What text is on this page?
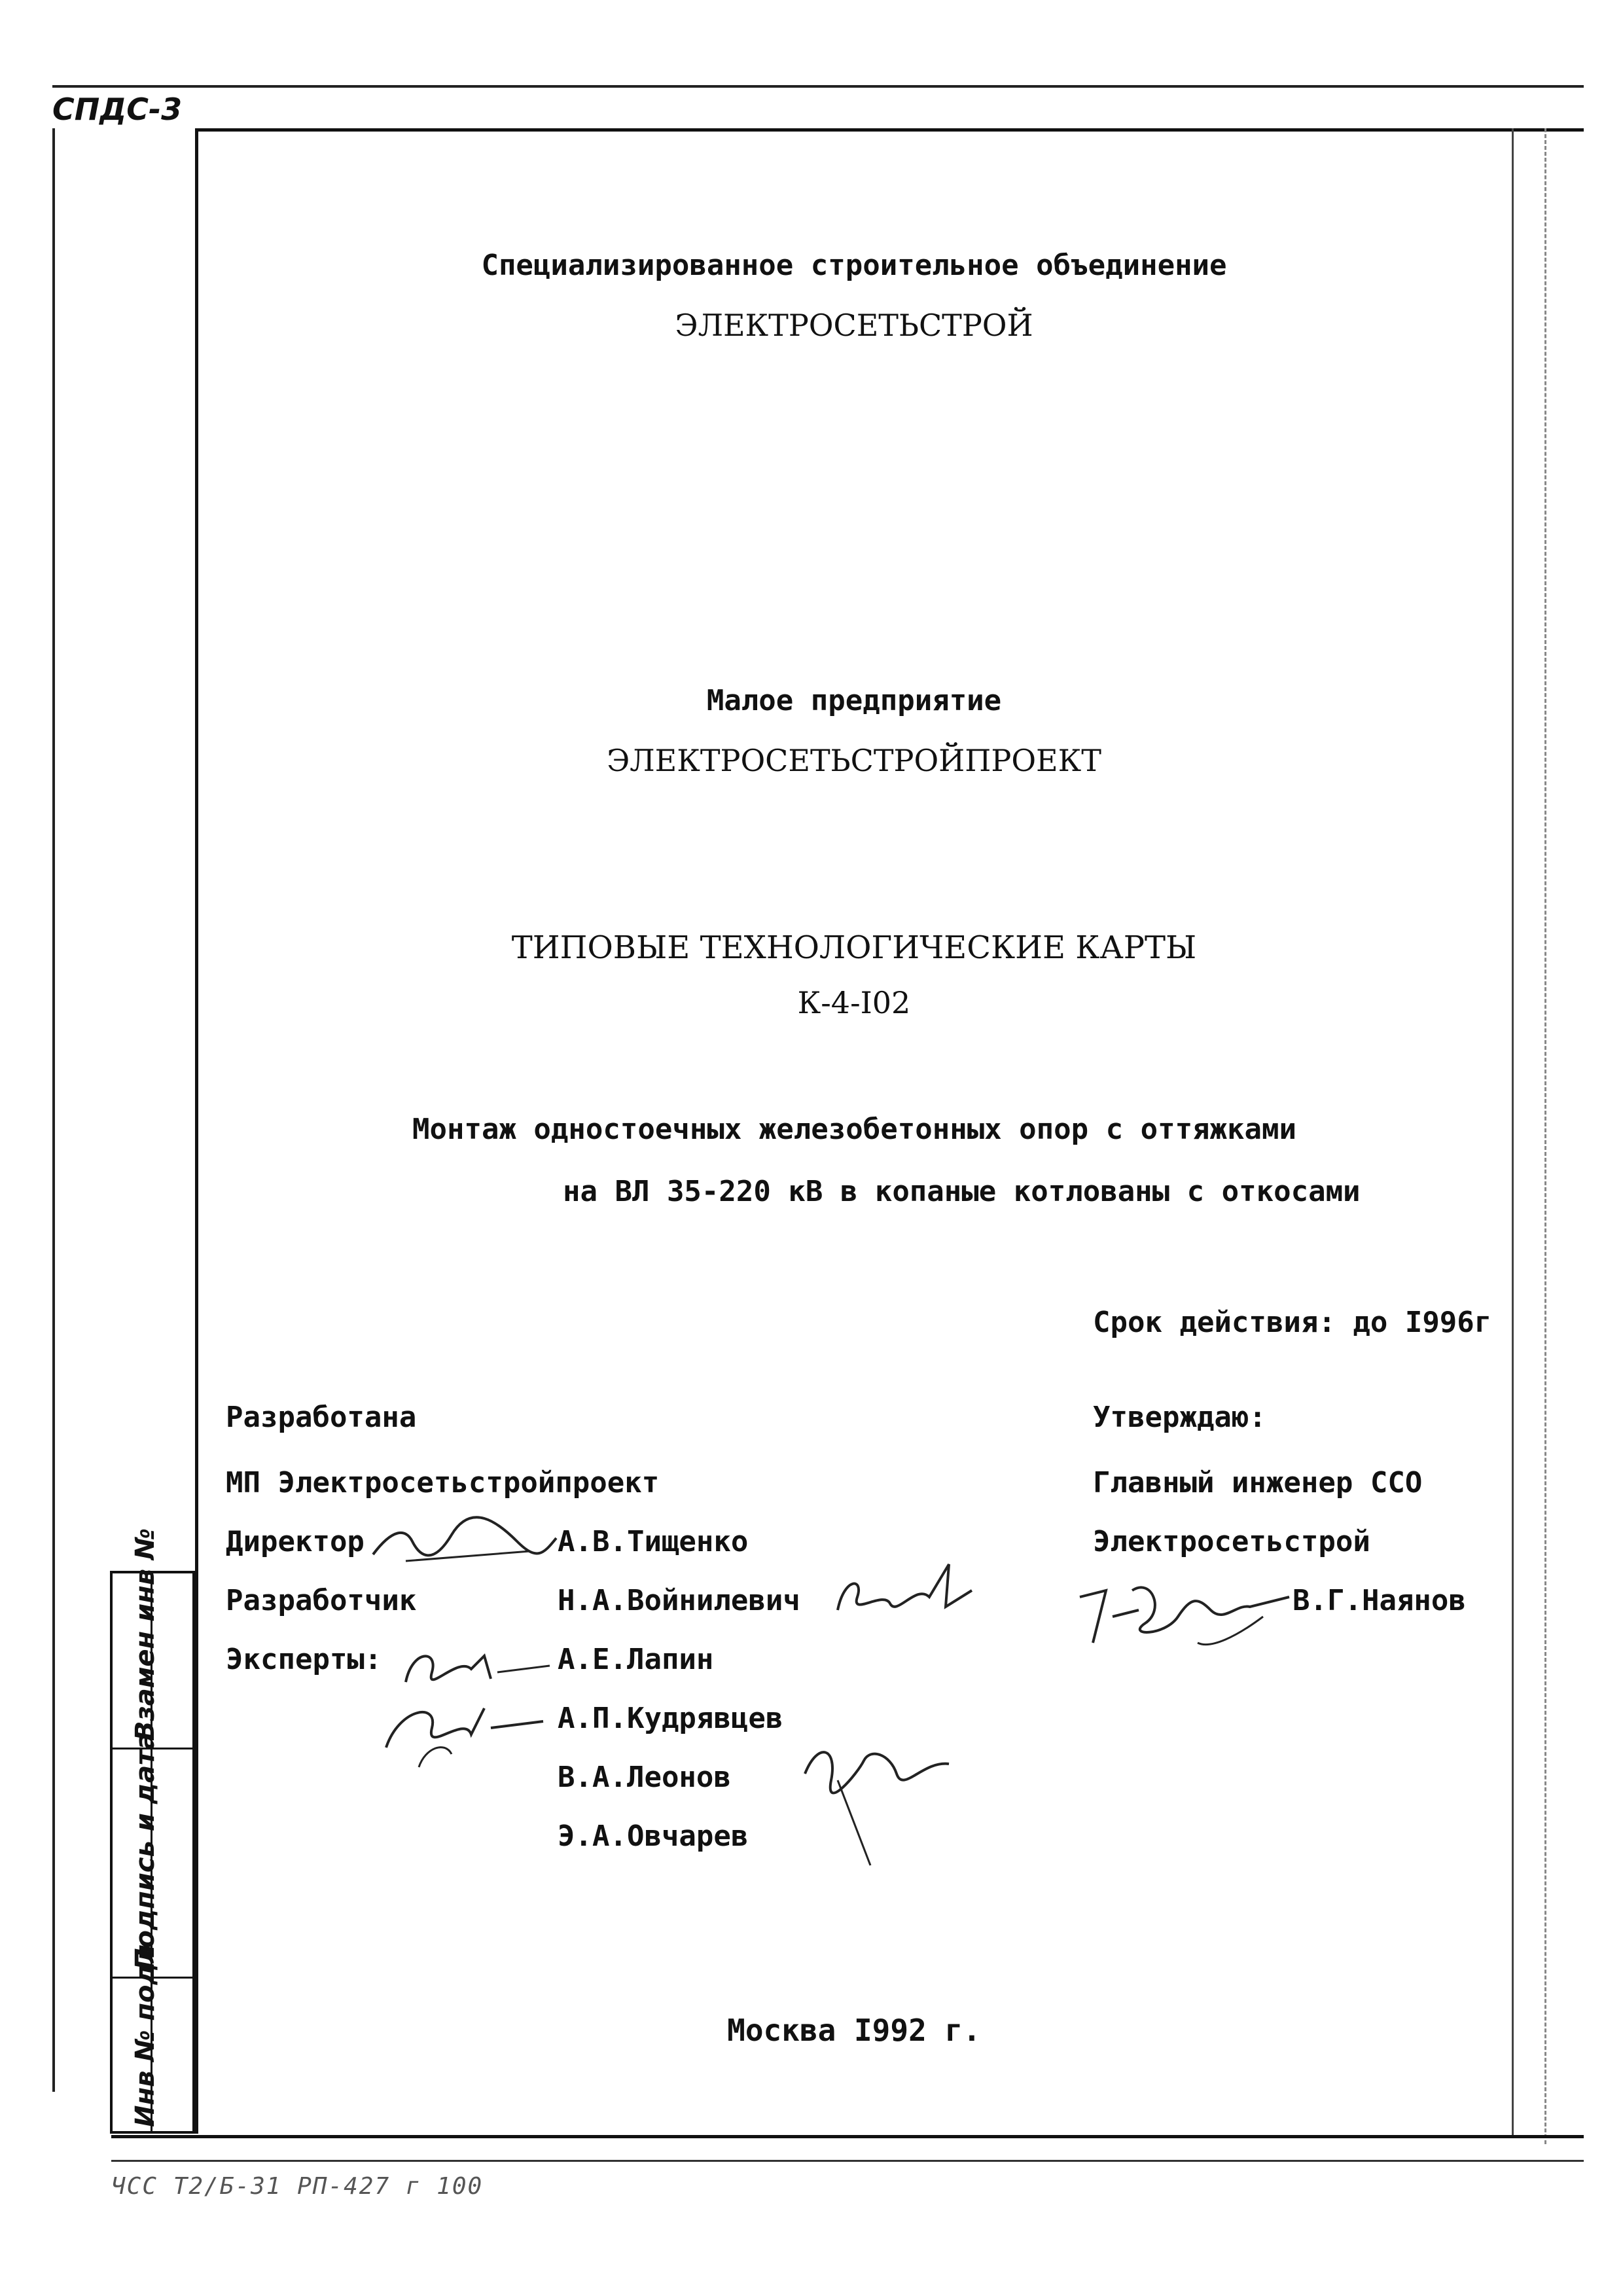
СПДС-3
Специализированное строительное объединение
ЭЛЕКТРОСЕТЬСТРОЙ
Малое предприятие
ЭЛЕКТРОСЕТЬСТРОЙПРОЕКТ
ТИПОВЫЕ ТЕХНОЛОГИЧЕСКИЕ КАРТЫ
К-4-I02
Монтаж одностоечных железобетонных опор с оттяжками
на ВЛ 35-220 кВ в копаные котлованы с откосами
Срок действия: до I996г
Разработана
МП Электросетьстройпроект
Директор	А.В.Тищенко
Разработчик	Н.А.Войнилевич
Эксперты:	А.Е.Лапин
А.П.Кудрявцев
В.А.Леонов
Э.А.Овчарев
Утверждаю:
Главный инженер ССО
Электросетьстрой
В.Г.Наянов
Инв № подл
Подпись и дата
Взамен инв №
Москва I992 г.
ЧСС Т2/Б-31 РП-427 г 100
